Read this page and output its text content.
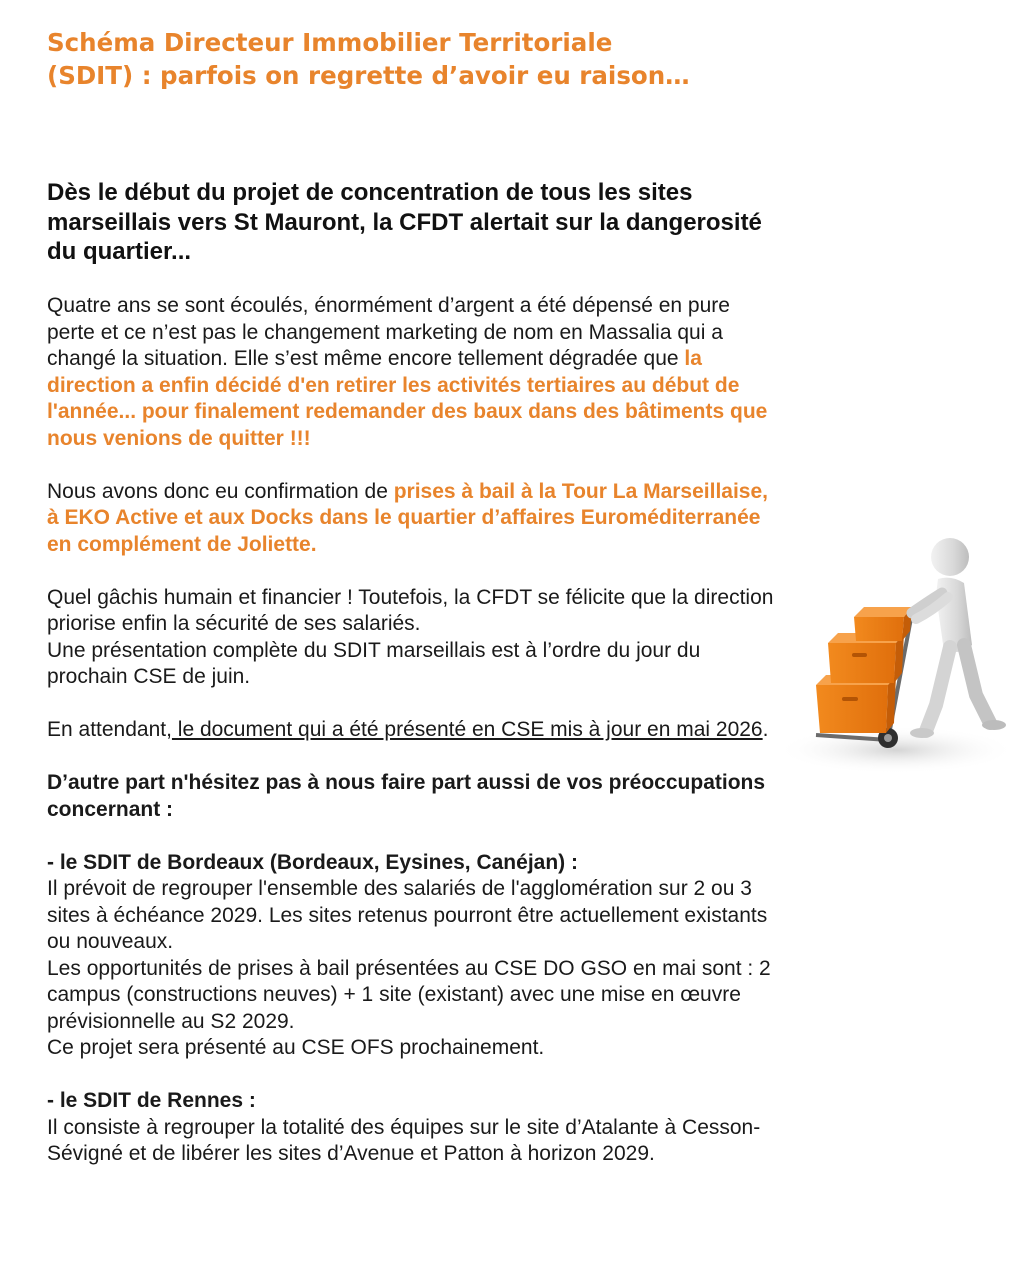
Schéma Directeur Immobilier Territoriale
(SDIT) : parfois on regrette d’avoir eu raison…

Dès le début du projet de concentration de tous les sites marseillais vers St Mauront, la CFDT alertait sur la dangerosité du quartier...

Quatre ans se sont écoulés, énormément d’argent a été dépensé en pure perte et ce n’est pas le changement marketing de nom en Massalia qui a changé la situation. Elle s’est même encore tellement dégradée que la direction a enfin décidé d'en retirer les activités tertiaires au début de l'année... pour finalement redemander des baux dans des bâtiments que nous venions de quitter !!!

Nous avons donc eu confirmation de prises à bail à la Tour La Marseillaise, à EKO Active et aux Docks dans le quartier d’affaires Euroméditerranée en complément de Joliette.

Quel gâchis humain et financier ! Toutefois, la CFDT se félicite que la direction priorise enfin la sécurité de ses salariés.
Une présentation complète du SDIT marseillais est à l’ordre du jour du prochain CSE de juin.

En attendant, le document qui a été présenté en CSE mis à jour en mai 2026.

D’autre part n'hésitez pas à nous faire part aussi de vos préoccupations concernant :

- le SDIT de Bordeaux (Bordeaux, Eysines, Canéjan) :
Il prévoit de regrouper l'ensemble des salariés de l'agglomération sur 2 ou 3 sites à échéance 2029. Les sites retenus pourront être actuellement existants ou nouveaux.
Les opportunités de prises à bail présentées au CSE DO GSO en mai sont : 2 campus (constructions neuves) + 1 site (existant) avec une mise en œuvre prévisionnelle au S2 2029.
Ce projet sera présenté au CSE OFS prochainement.

- le SDIT de Rennes :
Il consiste à regrouper la totalité des équipes sur le site d’Atalante à Cesson-Sévigné et de libérer les sites d’Avenue et Patton à horizon 2029.
